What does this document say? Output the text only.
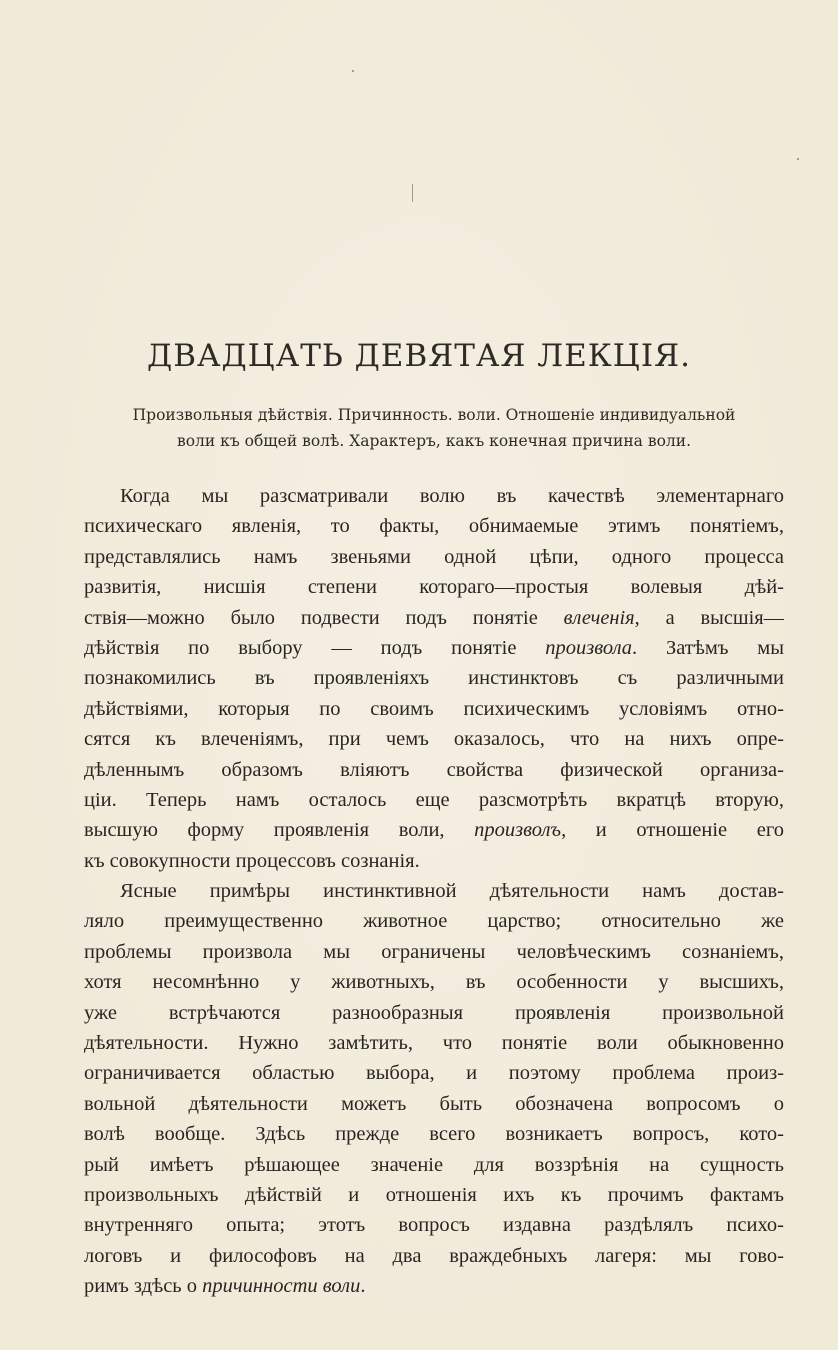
ДВАДЦАТЬ ДЕВЯТАЯ ЛЕКЦІЯ.
Произвольныя дѣйствія. Причинность. воли. Отношеніе индивидуальной
воли къ общей волѣ. Характеръ, какъ конечная причина воли.
Когда мы разсматривали волю въ качествѣ элементарнаго
психическаго явленія, то факты, обнимаемые этимъ понятіемъ,
представлялись намъ звеньями одной цѣпи, одного процесса
развитія, нисшія степени котораго—простыя волевыя дѣй-
ствія—можно было подвести подъ понятіе влеченія, а высшія—
дѣйствія по выбору — подъ понятіе произвола. Затѣмъ мы
познакомились въ проявленіяхъ инстинктовъ съ различными
дѣйствіями, которыя по своимъ психическимъ условіямъ отно-
сятся къ влеченіямъ, при чемъ оказалось, что на нихъ опре-
дѣленнымъ образомъ вліяютъ свойства физической организа-
ціи. Теперь намъ осталось еще разсмотрѣть вкратцѣ вторую,
высшую форму проявленія воли, произволъ, и отношеніе его
къ совокупности процессовъ сознанія.
Ясные примѣры инстинктивной дѣятельности намъ достав-
ляло преимущественно животное царство; относительно же
проблемы произвола мы ограничены человѣческимъ сознаніемъ,
хотя несомнѣнно у животныхъ, въ особенности у высшихъ,
уже встрѣчаются разнообразныя проявленія произвольной
дѣятельности. Нужно замѣтить, что понятіе воли обыкновенно
ограничивается областью выбора, и поэтому проблема произ-
вольной дѣятельности можетъ быть обозначена вопросомъ о
волѣ вообще. Здѣсь прежде всего возникаетъ вопросъ, кото-
рый имѣетъ рѣшающее значеніе для воззрѣнія на сущность
произвольныхъ дѣйствій и отношенія ихъ къ прочимъ фактамъ
внутренняго опыта; этотъ вопросъ издавна раздѣлялъ психо-
логовъ и философовъ на два враждебныхъ лагеря: мы гово-
римъ здѣсь о причинности воли.
